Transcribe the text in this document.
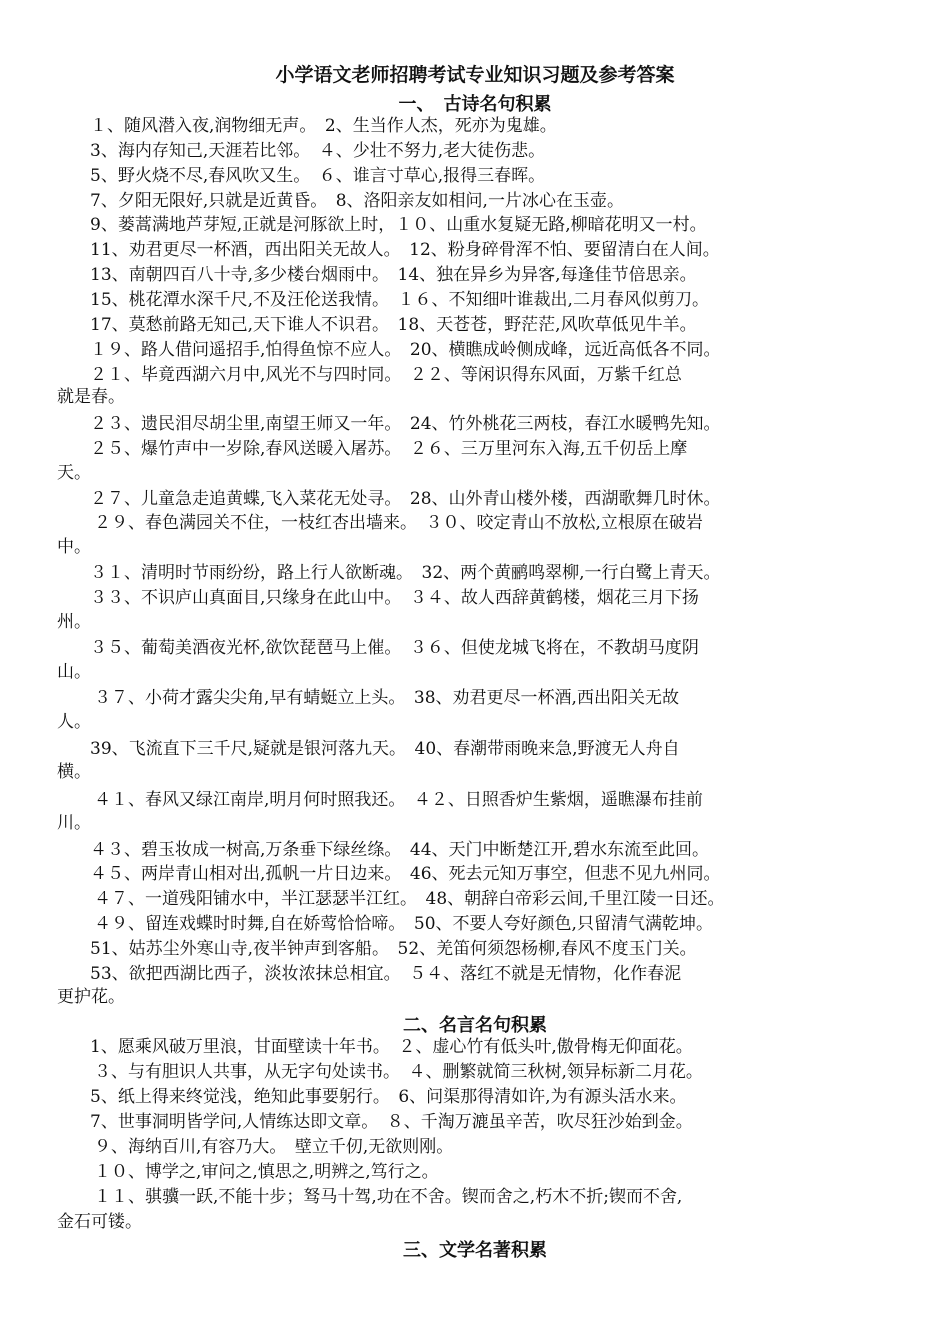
小学语文老师招聘考试专业知识习题及参考答案
一、　古诗名句积累
１、随风潜入夜,润物细无声。　2、生当作人杰，死亦为鬼雄。
3、海内存知己,天涯若比邻。　４、少壮不努力,老大徒伤悲。
5、野火烧不尽,春风吹又生。　６、谁言寸草心,报得三春晖。
7、夕阳无限好,只就是近黄昏。　8、洛阳亲友如相问,一片冰心在玉壶。
9、蒌蒿满地芦芽短,正就是河豚欲上时，１０、山重水复疑无路,柳暗花明又一村。
11、劝君更尽一杯酒，西出阳关无故人。　12、粉身碎骨浑不怕、要留清白在人间。
13、南朝四百八十寺,多少楼台烟雨中。　14、独在异乡为异客,每逢佳节倍思亲。
15、桃花潭水深千尺,不及汪伦送我情。　１６、不知细叶谁裁出,二月春风似剪刀。
17、莫愁前路无知己,天下谁人不识君。　18、天苍苍，野茫茫,风吹草低见牛羊。
１９、路人借问遥招手,怕得鱼惊不应人。　20、横瞧成岭侧成峰，远近高低各不同。
２１、毕竟西湖六月中,风光不与四时同。　２２、等闲识得东风面，万紫千红总
就是春。
２３、遗民泪尽胡尘里,南望王师又一年。　24、竹外桃花三两枝，春江水暖鸭先知。
２５、爆竹声中一岁除,春风送暖入屠苏。　２６、三万里河东入海,五千仞岳上摩
天。
２７、儿童急走追黄蝶,飞入菜花无处寻。　28、山外青山楼外楼，西湖歌舞几时休。
２９、春色满园关不住，一枝红杏出墙来。　３０、咬定青山不放松,立根原在破岩
中。
３１、清明时节雨纷纷，路上行人欲断魂。　32、两个黄鹂鸣翠柳,一行白鹭上青天。
３３、不识庐山真面目,只缘身在此山中。　３４、故人西辞黄鹤楼，烟花三月下扬
州。
３５、葡萄美酒夜光杯,欲饮琵琶马上催。　３６、但使龙城飞将在，不教胡马度阴
山。
３７、小荷才露尖尖角,早有蜻蜓立上头。　38、劝君更尽一杯酒,西出阳关无故
人。
39、飞流直下三千尺,疑就是银河落九天。　40、春潮带雨晚来急,野渡无人舟自
横。
４１、春风又绿江南岸,明月何时照我还。　４２、日照香炉生紫烟，遥瞧瀑布挂前
川。
４３、碧玉妆成一树高,万条垂下绿丝绦。　44、天门中断楚江开,碧水东流至此回。
４５、两岸青山相对出,孤帆一片日边来。　46、死去元知万事空，但悲不见九州同。
４７、一道残阳铺水中，半江瑟瑟半江红。　48、朝辞白帝彩云间,千里江陵一日还。
４９、留连戏蝶时时舞,自在娇莺恰恰啼。　50、不要人夸好颜色,只留清气满乾坤。
51、姑苏尘外寒山寺,夜半钟声到客船。　52、羌笛何须怨杨柳,春风不度玉门关。
53、欲把西湖比西子，淡妆浓抹总相宜。　５４、落红不就是无情物，化作春泥
更护花。
二、名言名句积累
1、愿乘风破万里浪，甘面壁读十年书。　２、虚心竹有低头叶,傲骨梅无仰面花。
３、与有胆识人共事，从无字句处读书。　４、删繁就简三秋树,领异标新二月花。
5、纸上得来终觉浅，绝知此事要躬行。　6、问渠那得清如许,为有源头活水来。
7、世事洞明皆学问,人情练达即文章。　８、千淘万漉虽辛苦，吹尽狂沙始到金。
９、海纳百川,有容乃大。　壁立千仞,无欲则刚。
１０、博学之,审问之,慎思之,明辨之,笃行之。
１１、骐骥一跃,不能十步；驽马十驾,功在不舍。锲而舍之,朽木不折;锲而不舍,
金石可镂。
三、文学名著积累
